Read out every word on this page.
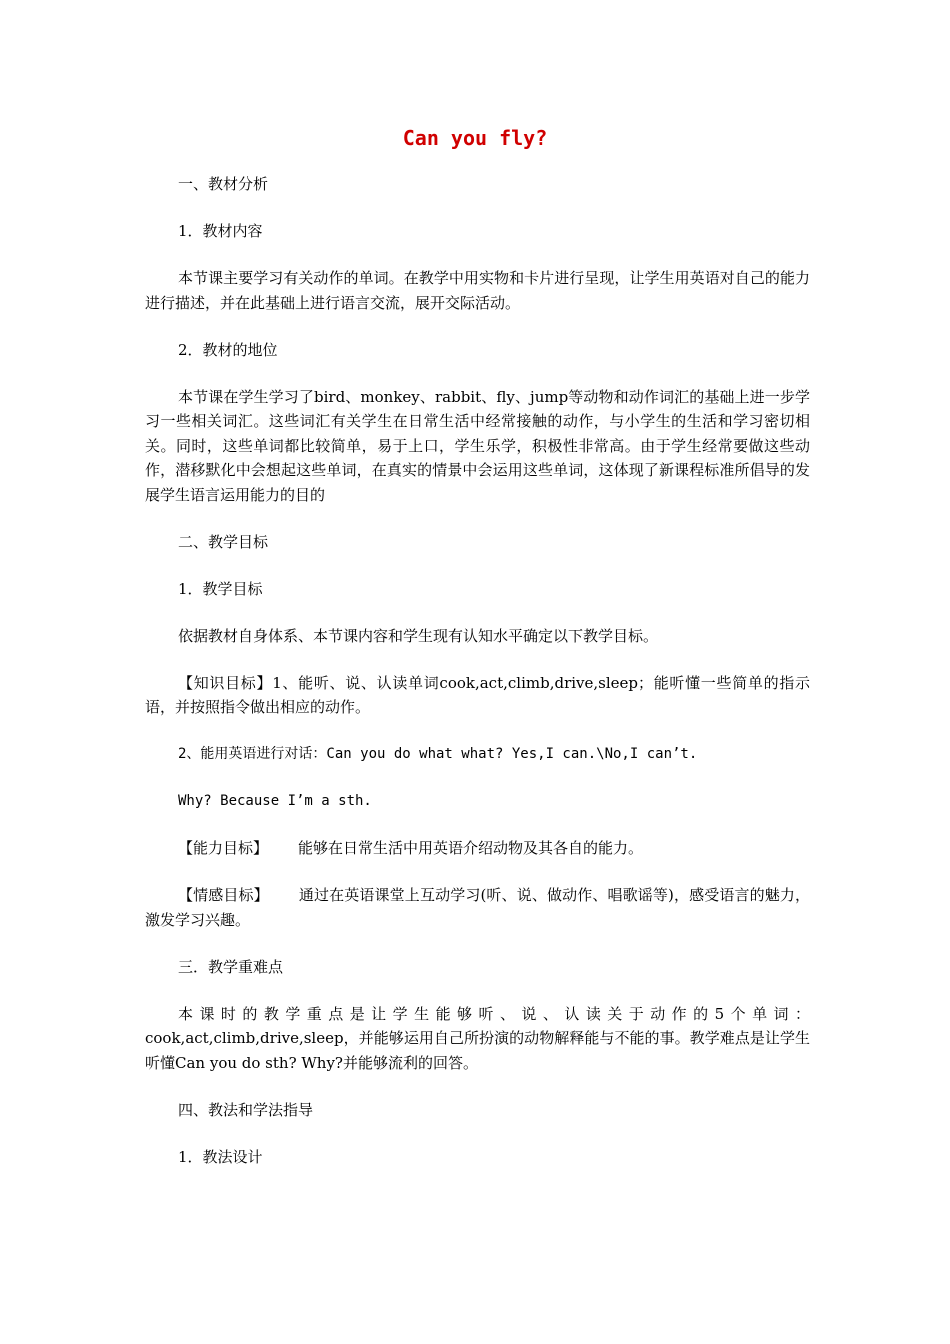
Can you fly?

一、教材分析

1．教材内容

本节课主要学习有关动作的单词。在教学中用实物和卡片进行呈现，让学生用英语对自己的能力进行描述，并在此基础上进行语言交流，展开交际活动。

2．教材的地位

本节课在学生学习了bird、monkey、rabbit、fly、jump等动物和动作词汇的基础上进一步学习一些相关词汇。这些词汇有关学生在日常生活中经常接触的动作，与小学生的生活和学习密切相关。同时，这些单词都比较简单，易于上口，学生乐学，积极性非常高。由于学生经常要做这些动作，潜移默化中会想起这些单词，在真实的情景中会运用这些单词，这体现了新课程标准所倡导的发展学生语言运用能力的目的

二、教学目标

1．教学目标

依据教材自身体系、本节课内容和学生现有认知水平确定以下教学目标。

【知识目标】1、能听、说、认读单词cook,act,climb,drive,sleep；能听懂一些简单的指示语，并按照指令做出相应的动作。

2、能用英语进行对话：Can you do what what? Yes,I can.\No,I can’t.

Why? Because I’m a sth.

【能力目标】 能够在日常生活中用英语介绍动物及其各自的能力。

【情感目标】 通过在英语课堂上互动学习(听、说、做动作、唱歌谣等)，感受语言的魅力，激发学习兴趣。

三．教学重难点

本课时的教学重点是让学生能够听、说、认读关于动作的5个单词：cook,act,climb,drive,sleep，并能够运用自己所扮演的动物解释能与不能的事。教学难点是让学生听懂Can you do sth? Why?并能够流利的回答。

四、教法和学法指导

1．教法设计
